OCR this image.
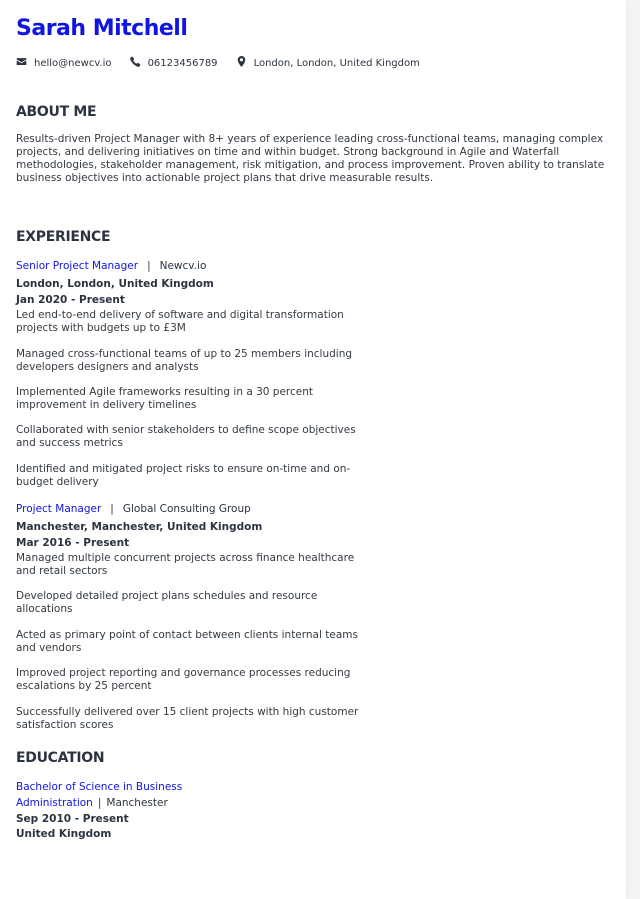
Sarah Mitchell
hello@newcv.io	06123456789	London, London, United Kingdom
ABOUT ME
Results-driven Project Manager with 8+ years of experience leading cross-functional teams, managing complex projects, and delivering initiatives on time and within budget. Strong background in Agile and Waterfall methodologies, stakeholder management, risk mitigation, and process improvement. Proven ability to translate business objectives into actionable project plans that drive measurable results.
EXPERIENCE
Senior Project Manager | Newcv.io
London, London, United Kingdom
Jan 2020 - Present
Led end-to-end delivery of software and digital transformation projects with budgets up to £3M
Managed cross-functional teams of up to 25 members including developers designers and analysts
Implemented Agile frameworks resulting in a 30 percent improvement in delivery timelines
Collaborated with senior stakeholders to define scope objectives and success metrics
Identified and mitigated project risks to ensure on-time and on-budget delivery
Project Manager | Global Consulting Group
Manchester, Manchester, United Kingdom
Mar 2016 - Present
Managed multiple concurrent projects across finance healthcare and retail sectors
Developed detailed project plans schedules and resource allocations
Acted as primary point of contact between clients internal teams and vendors
Improved project reporting and governance processes reducing escalations by 25 percent
Successfully delivered over 15 client projects with high customer satisfaction scores
EDUCATION
Bachelor of Science in Business
Administration | Manchester
Sep 2010 - Present
United Kingdom
